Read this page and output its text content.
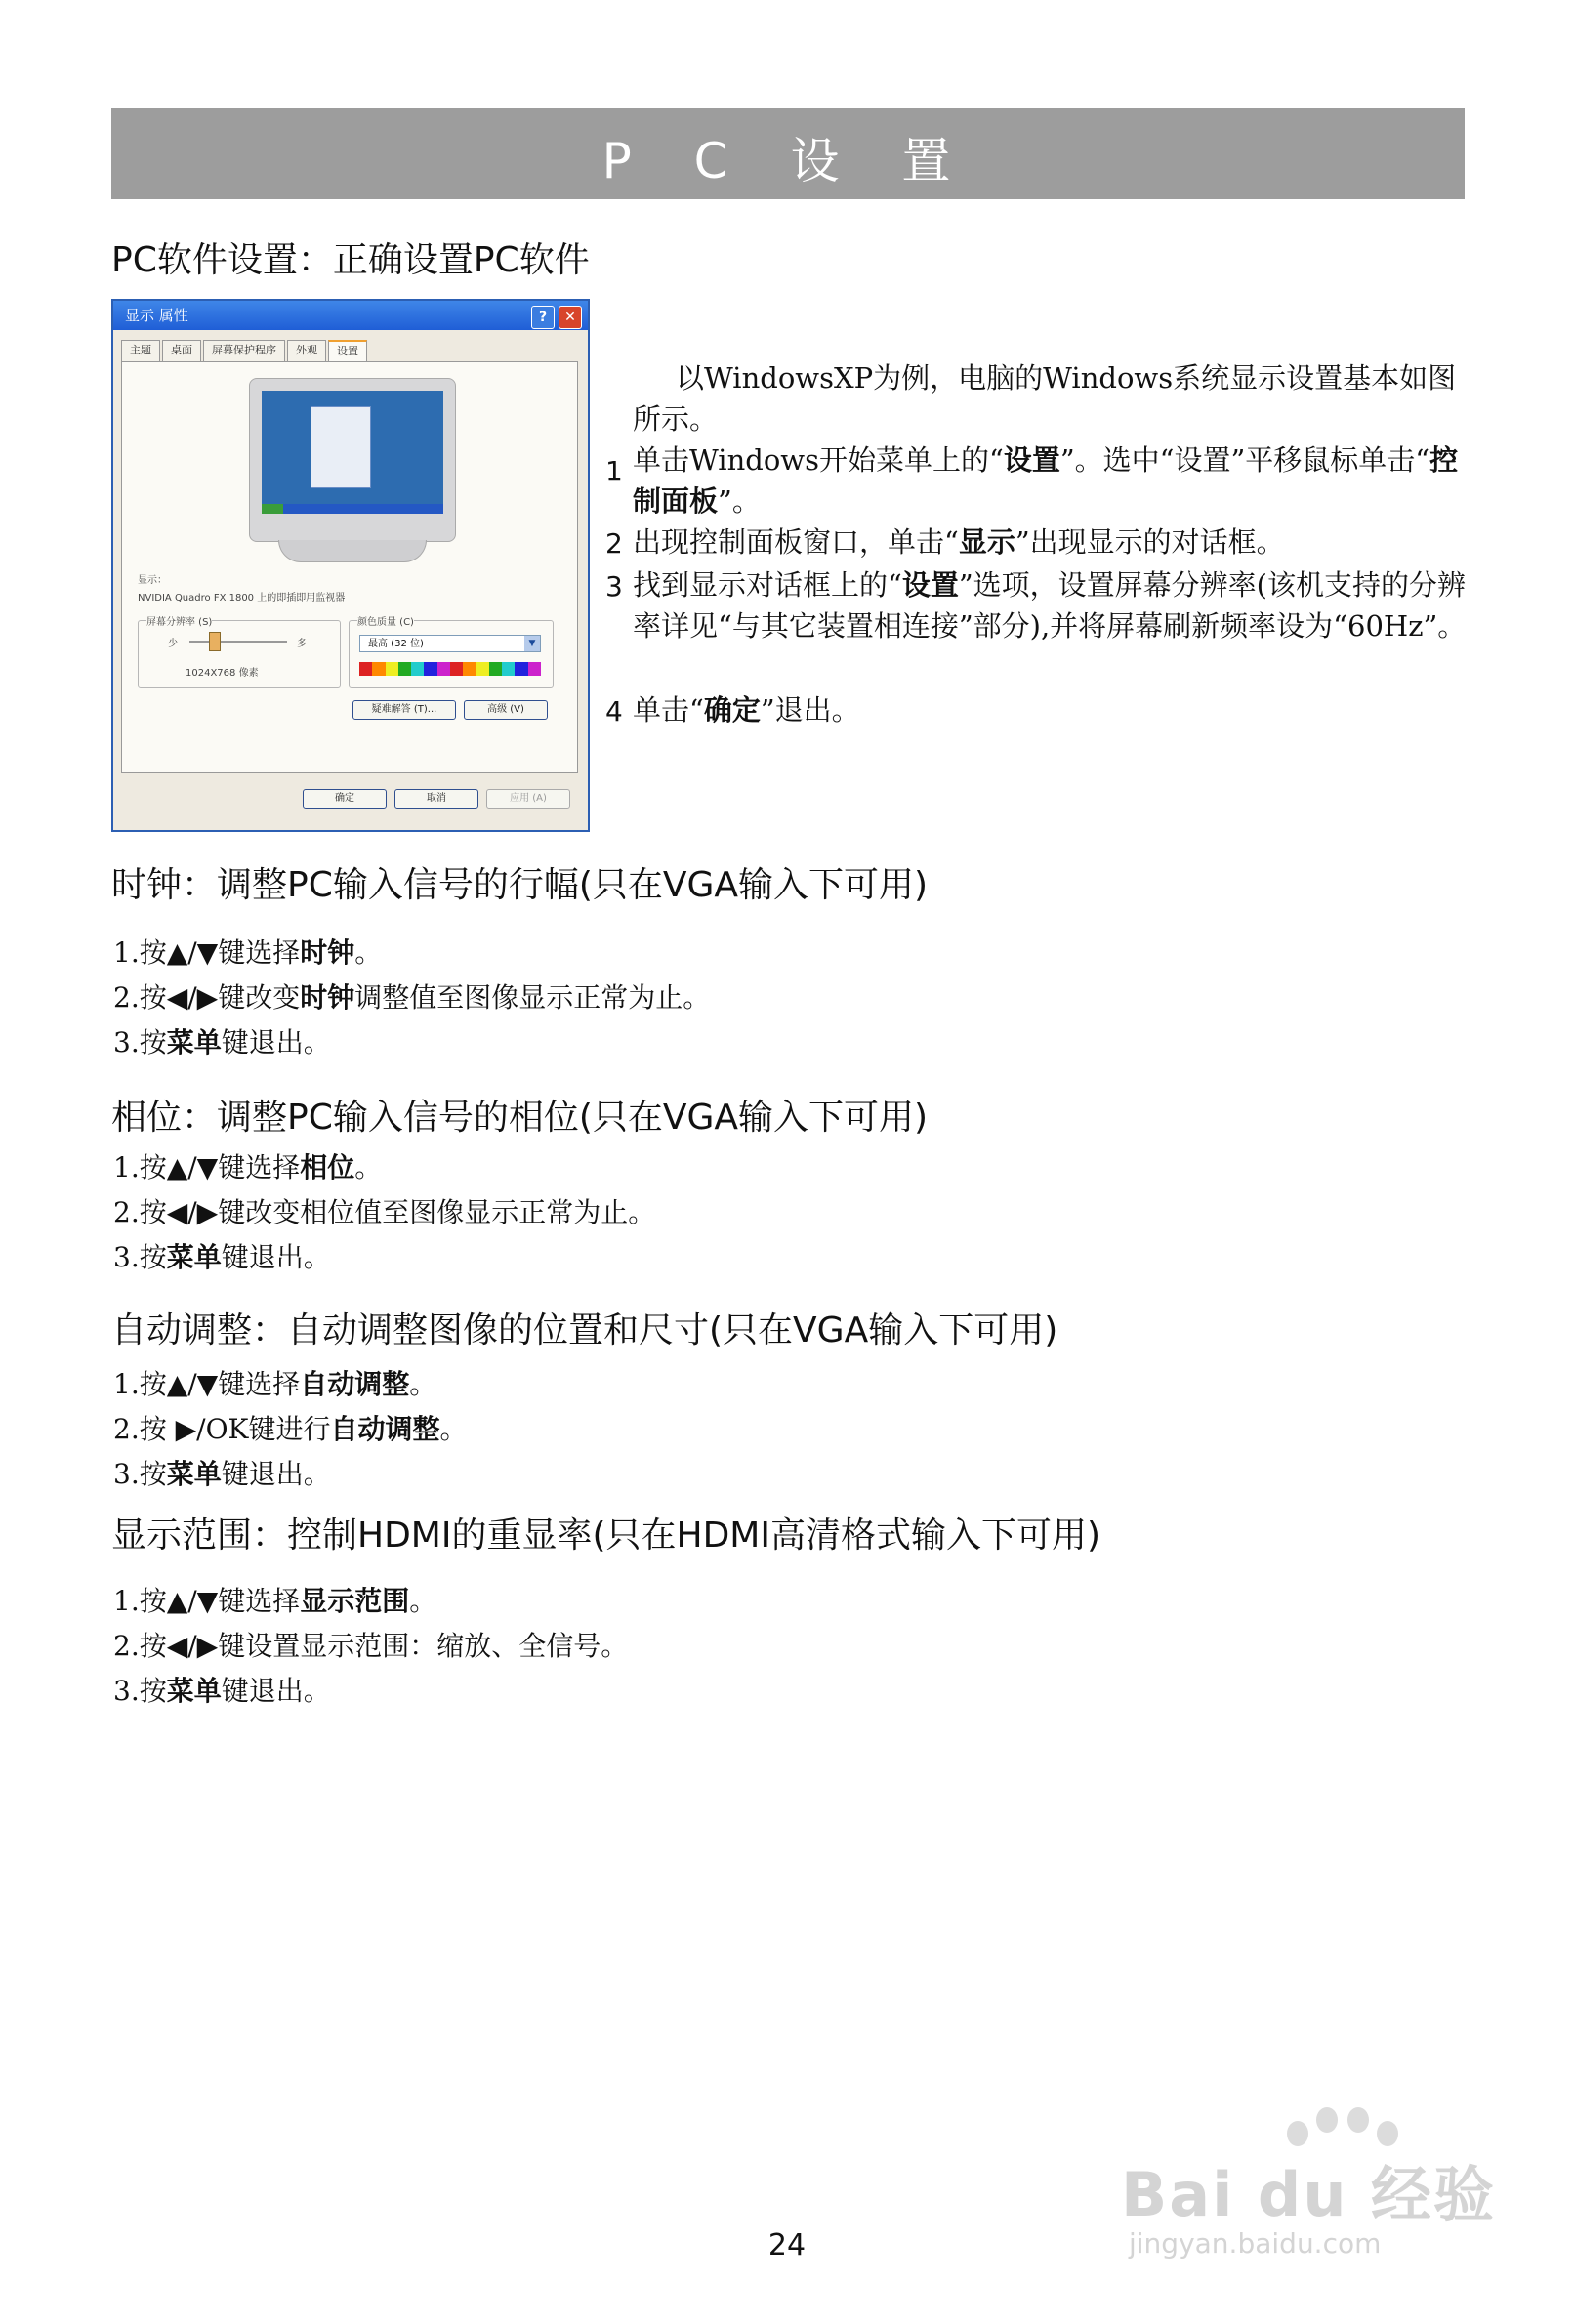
P C 设 置
PC软件设置：正确设置PC软件
显示 属性	?	✕
主题	桌面	屏幕保护程序	外观	设置
显示：
NVIDIA Quadro FX 1800 上的即插即用监视器
屏幕分辨率 (S)
少	多
1024X768 像素
颜色质量 (C)
最高 (32 位)	▼
疑难解答 (T)...	高级 (V)
确定	取消	应用 (A)
以WindowsXP为例，电脑的Windows系统显示设置基本如图所示。
1 单击Windows开始菜单上的“设置”。选中“设置”平移鼠标单击“控制面板”。
2 出现控制面板窗口，单击“显示”出现显示的对话框。
3 找到显示对话框上的“设置”选项，设置屏幕分辨率(该机支持的分辨率详见“与其它装置相连接”部分),并将屏幕刷新频率设为“60Hz”。
4 单击“确定”退出。
时钟：调整PC输入信号的行幅(只在VGA输入下可用)
1.按▲/▼键选择时钟。
2.按◀/▶键改变时钟调整值至图像显示正常为止。
3.按菜单键退出。
相位：调整PC输入信号的相位(只在VGA输入下可用)
1.按▲/▼键选择相位。
2.按◀/▶键改变相位值至图像显示正常为止。
3.按菜单键退出。
自动调整：自动调整图像的位置和尺寸(只在VGA输入下可用)
1.按▲/▼键选择自动调整。
2.按 ▶/OK键进行自动调整。
3.按菜单键退出。
显示范围：控制HDMI的重显率(只在HDMI高清格式输入下可用)
1.按▲/▼键选择显示范围。
2.按◀/▶键设置显示范围：缩放、全信号。
3.按菜单键退出。
24
Bai du 经验
jingyan.baidu.com
